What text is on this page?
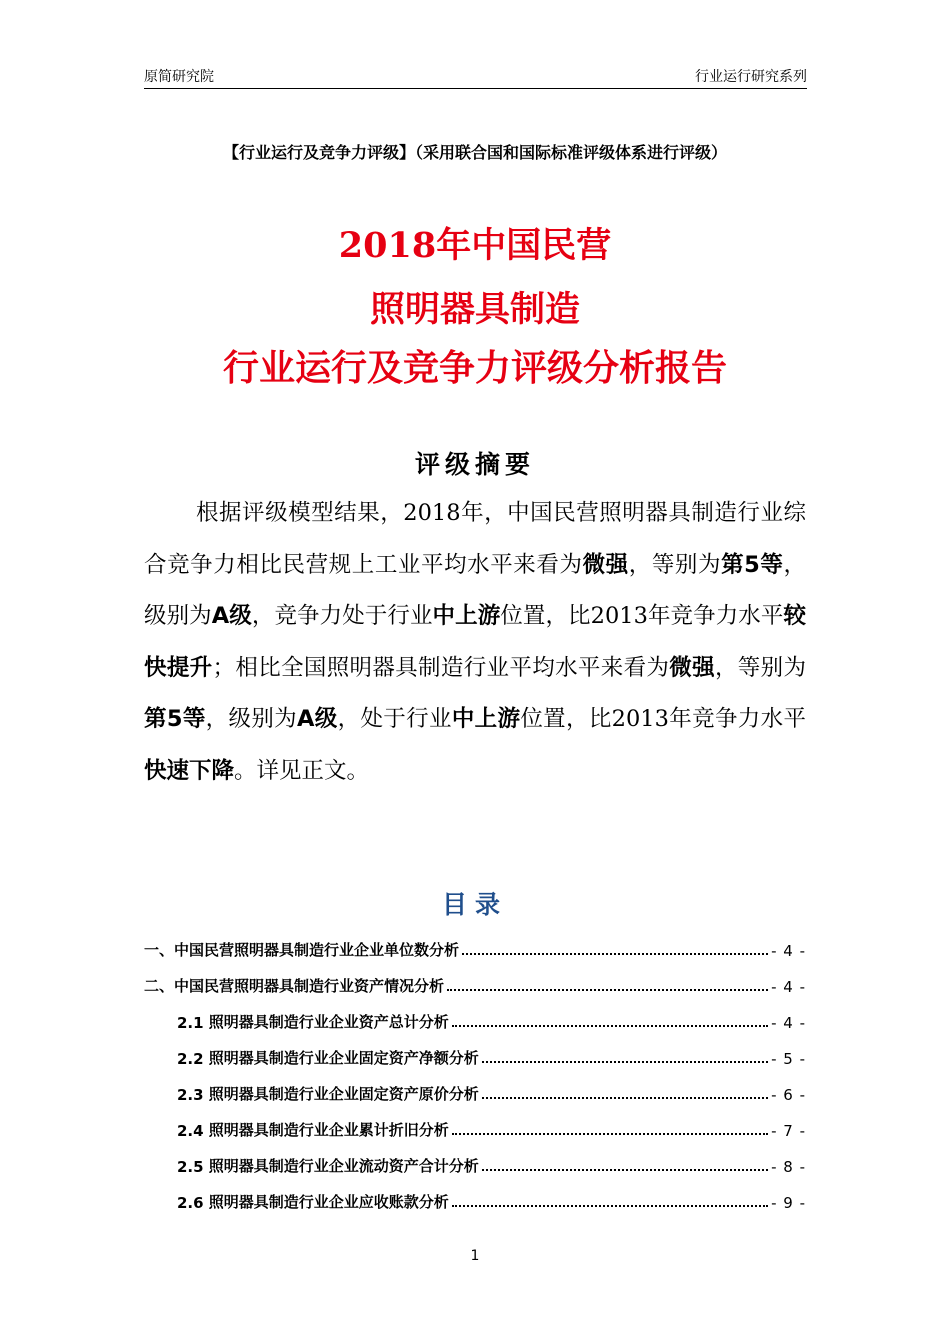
原简研究院	行业运行研究系列
【行业运行及竞争力评级】（采用联合国和国际标准评级体系进行评级）
2018年中国民营
照明器具制造
行业运行及竞争力评级分析报告
评级摘要
根据评级模型结果，2018年，中国民营照明器具制造行业综合竞争力相比民营规上工业平均水平来看为微强，等别为第5等，级别为A级，竞争力处于行业中上游位置，比2013年竞争力水平较快提升；相比全国照明器具制造行业平均水平来看为微强，等别为第5等，级别为A级，处于行业中上游位置，比2013年竞争力水平快速下降。详见正文。
目录
一、 中国民营照明器具制造行业企业单位数分析	- 4 -
二、 中国民营照明器具制造行业资产情况分析	- 4 -
2.1 照明器具制造行业企业资产总计分析	- 4 -
2.2 照明器具制造行业企业固定资产净额分析	- 5 -
2.3 照明器具制造行业企业固定资产原价分析	- 6 -
2.4 照明器具制造行业企业累计折旧分析	- 7 -
2.5 照明器具制造行业企业流动资产合计分析	- 8 -
2.6 照明器具制造行业企业应收账款分析	- 9 -
1
